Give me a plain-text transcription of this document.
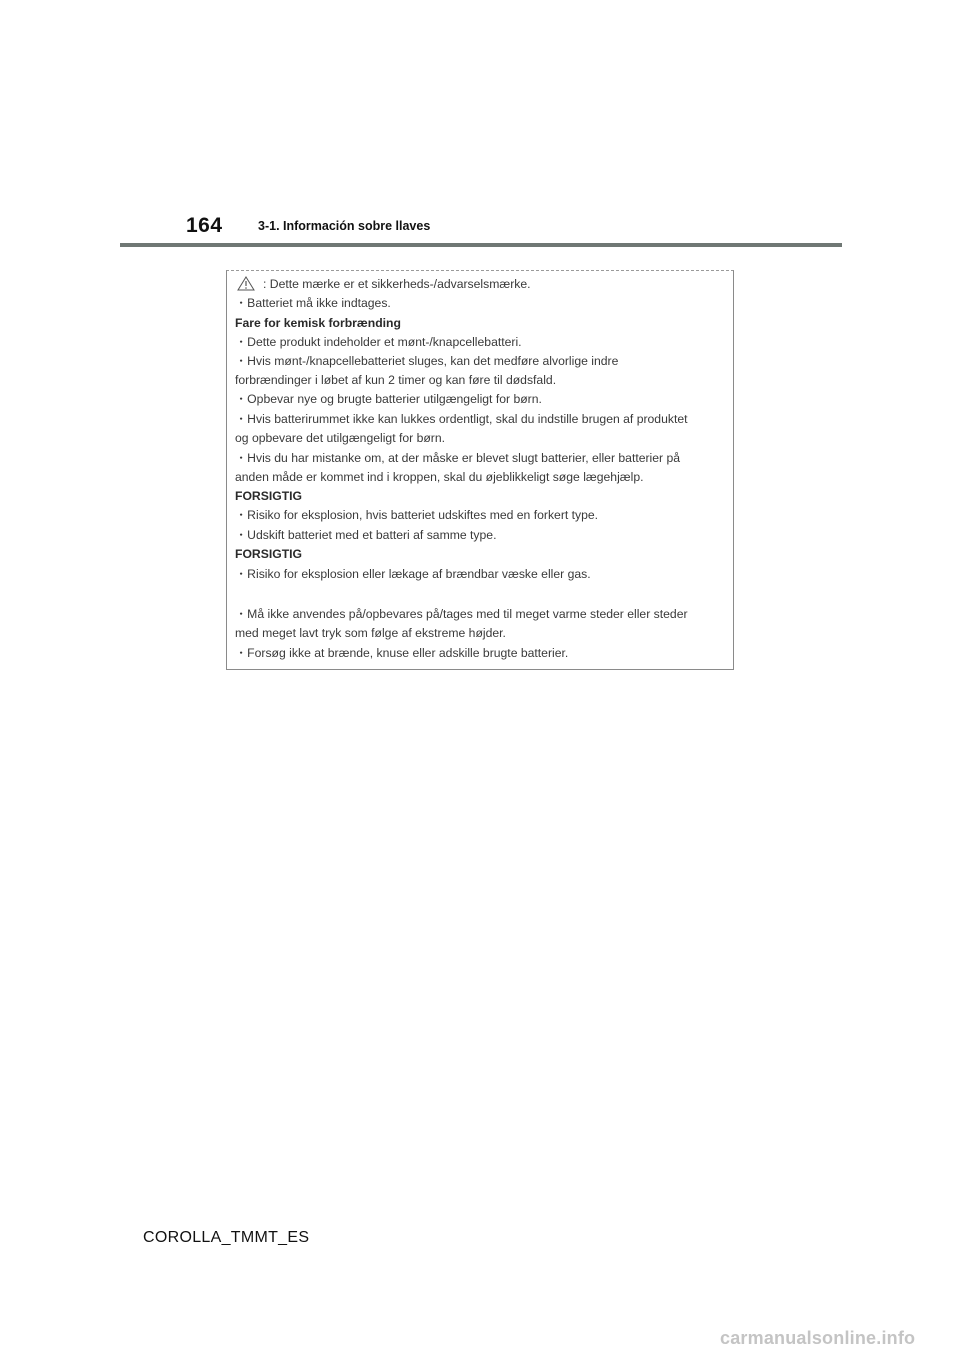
164	3-1. Información sobre llaves
: Dette mærke er et sikkerheds-/advarselsmærke.
・Batteriet må ikke indtages.
Fare for kemisk forbrænding
・Dette produkt indeholder et mønt-/knapcellebatteri.
・Hvis mønt-/knapcellebatteriet sluges, kan det medføre alvorlige indre
forbrændinger i løbet af kun 2 timer og kan føre til dødsfald.
・Opbevar nye og brugte batterier utilgængeligt for børn.
・Hvis batterirummet ikke kan lukkes ordentligt, skal du indstille brugen af produktet
og opbevare det utilgængeligt for børn.
・Hvis du har mistanke om, at der måske er blevet slugt batterier, eller batterier på
anden måde er kommet ind i kroppen, skal du øjeblikkeligt søge lægehjælp.
FORSIGTIG
・Risiko for eksplosion, hvis batteriet udskiftes med en forkert type.
・Udskift batteriet med et batteri af samme type.
FORSIGTIG
・Risiko for eksplosion eller lækage af brændbar væske eller gas.
・Må ikke anvendes på/opbevares på/tages med til meget varme steder eller steder
med meget lavt tryk som følge af ekstreme højder.
・Forsøg ikke at brænde, knuse eller adskille brugte batterier.
COROLLA_TMMT_ES
carmanualsonline.info
